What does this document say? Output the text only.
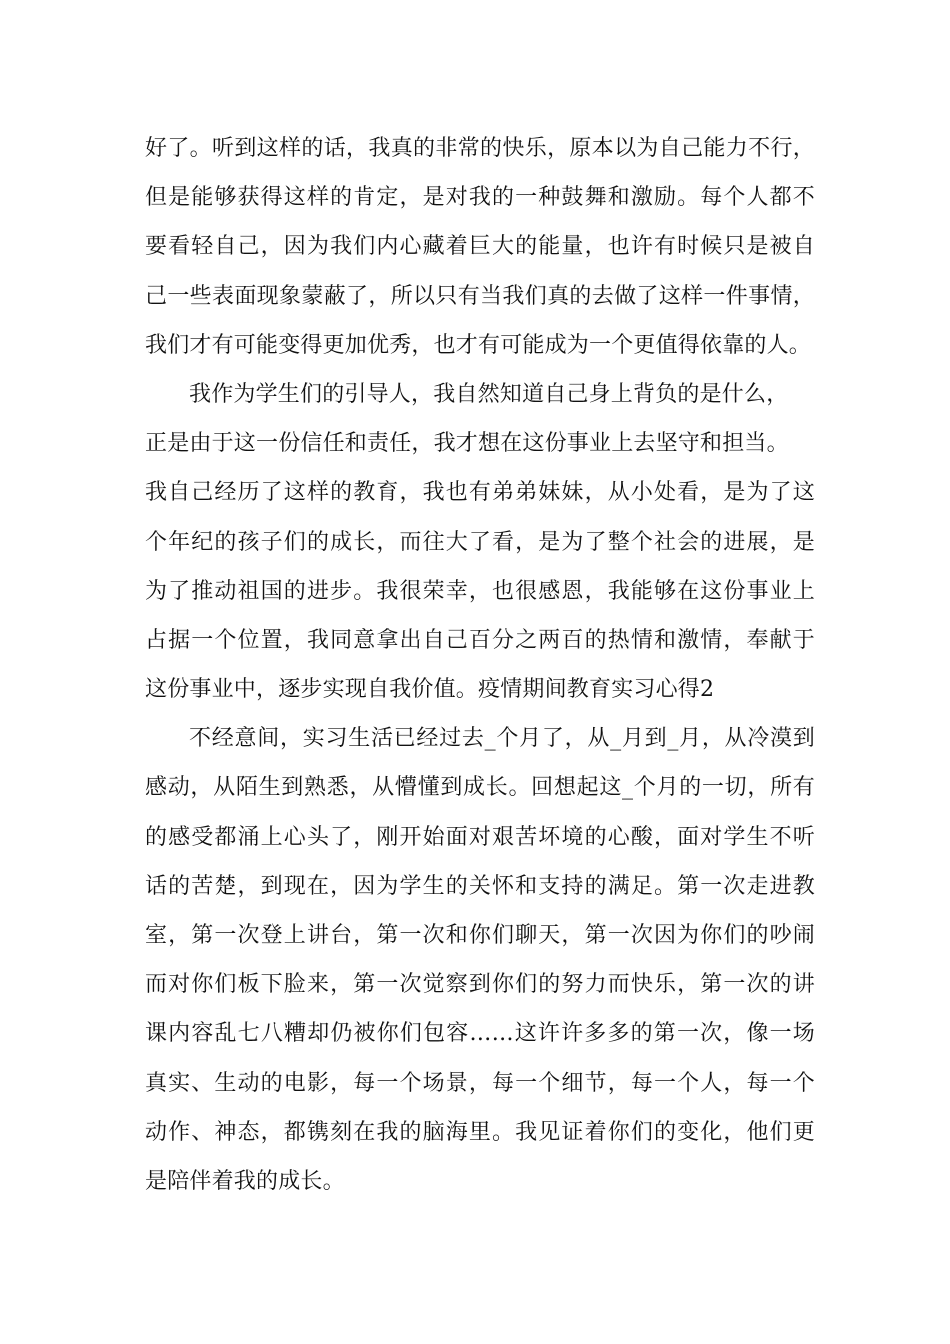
好了。听到这样的话，我真的非常的快乐，原本以为自己能力不行，
但是能够获得这样的肯定，是对我的一种鼓舞和激励。每个人都不
要看轻自己，因为我们内心藏着巨大的能量，也许有时候只是被自
己一些表面现象蒙蔽了，所以只有当我们真的去做了这样一件事情，
我们才有可能变得更加优秀，也才有可能成为一个更值得依靠的人。
我作为学生们的引导人，我自然知道自己身上背负的是什么，
正是由于这一份信任和责任，我才想在这份事业上去坚守和担当。
我自己经历了这样的教育，我也有弟弟妹妹，从小处看，是为了这
个年纪的孩子们的成长，而往大了看，是为了整个社会的进展，是
为了推动祖国的进步。我很荣幸，也很感恩，我能够在这份事业上
占据一个位置，我同意拿出自己百分之两百的热情和激情，奉献于
这份事业中，逐步实现自我价值。疫情期间教育实习心得2
不经意间，实习生活已经过去_个月了，从_月到_月，从冷漠到
感动，从陌生到熟悉，从懵懂到成长。回想起这_个月的一切，所有
的感受都涌上心头了，刚开始面对艰苦坏境的心酸，面对学生不听
话的苦楚，到现在，因为学生的关怀和支持的满足。第一次走进教
室，第一次登上讲台，第一次和你们聊天，第一次因为你们的吵闹
而对你们板下脸来，第一次觉察到你们的努力而快乐，第一次的讲
课内容乱七八糟却仍被你们包容……这许许多多的第一次，像一场
真实、生动的电影，每一个场景，每一个细节，每一个人，每一个
动作、神态，都镌刻在我的脑海里。我见证着你们的变化，他们更
是陪伴着我的成长。
